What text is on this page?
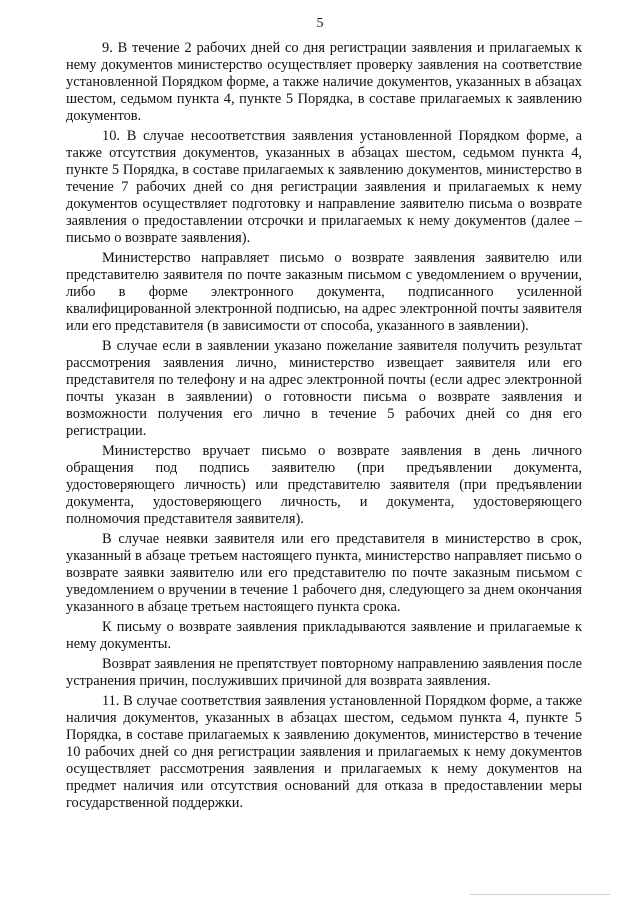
5

9. В течение 2 рабочих дней со дня регистрации заявления и прилагаемых к нему документов министерство осуществляет проверку заявления на соответствие установленной Порядком форме, а также наличие документов, указанных в абзацах шестом, седьмом пункта 4, пункте 5 Порядка, в составе прилагаемых к заявлению документов.

10. В случае несоответствия заявления установленной Порядком форме, а также отсутствия документов, указанных в абзацах шестом, седьмом пункта 4, пункте 5 Порядка, в составе прилагаемых к заявлению документов, министерство в течение 7 рабочих дней со дня регистрации заявления и прилагаемых к нему документов осуществляет подготовку и направление заявителю письма о возврате заявления о предоставлении отсрочки и прилагаемых к нему документов (далее – письмо о возврате заявления).

Министерство направляет письмо о возврате заявления заявителю или представителю заявителя по почте заказным письмом с уведомлением о вручении, либо в форме электронного документа, подписанного усиленной квалифицированной электронной подписью, на адрес электронной почты заявителя или его представителя (в зависимости от способа, указанного в заявлении).

В случае если в заявлении указано пожелание заявителя получить результат рассмотрения заявления лично, министерство извещает заявителя или его представителя по телефону и на адрес электронной почты (если адрес электронной почты указан в заявлении) о готовности письма о возврате заявления и возможности получения его лично в течение 5 рабочих дней со дня его регистрации.

Министерство вручает письмо о возврате заявления в день личного обращения под подпись заявителю (при предъявлении документа, удостоверяющего личность) или представителю заявителя (при предъявлении документа, удостоверяющего личность, и документа, удостоверяющего полномочия представителя заявителя).

В случае неявки заявителя или его представителя в министерство в срок, указанный в абзаце третьем настоящего пункта, министерство направляет письмо о возврате заявки заявителю или его представителю по почте заказным письмом с уведомлением о вручении в течение 1 рабочего дня, следующего за днем окончания указанного в абзаце третьем настоящего пункта срока.

К письму о возврате заявления прикладываются заявление и прилагаемые к нему документы.

Возврат заявления не препятствует повторному направлению заявления после устранения причин, послуживших причиной для возврата заявления.

11. В случае соответствия заявления установленной Порядком форме, а также наличия документов, указанных в абзацах шестом, седьмом пункта 4, пункте 5 Порядка, в составе прилагаемых к заявлению документов, министерство в течение 10 рабочих дней со дня регистрации заявления и прилагаемых к нему документов осуществляет рассмотрения заявления и прилагаемых к нему документов на предмет наличия или отсутствия оснований для отказа в предоставлении меры государственной поддержки.
